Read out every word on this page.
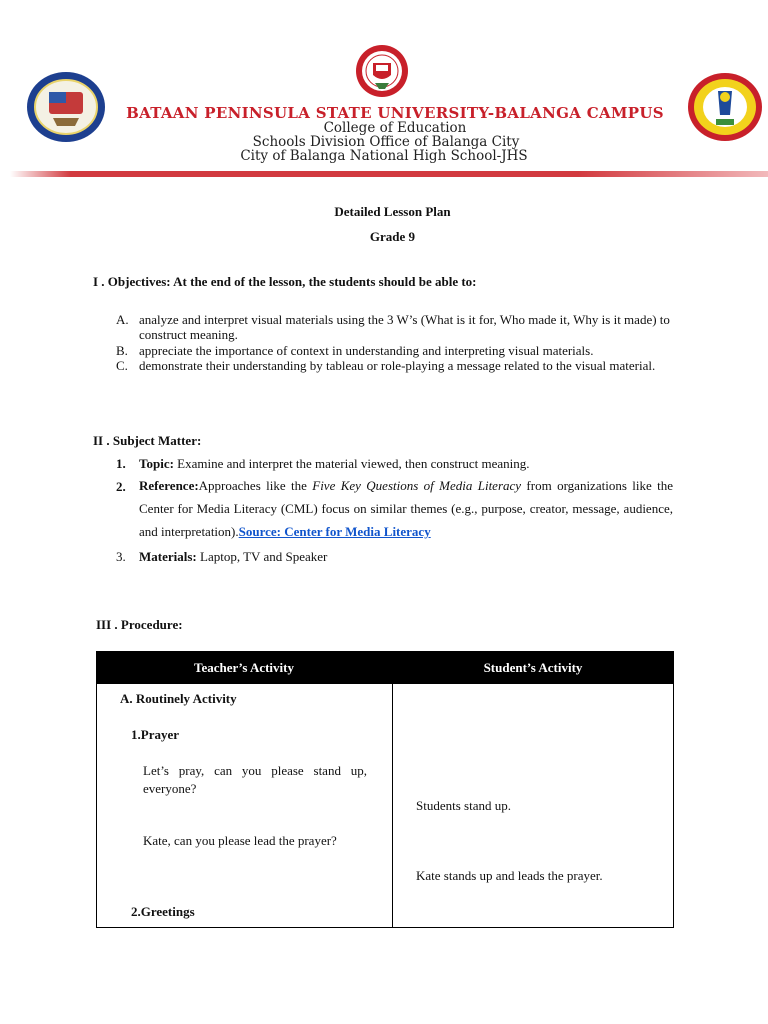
BATAAN PENINSULA STATE UNIVERSITY-BALANGA CAMPUS
College of Education
Schools Division Office of Balanga City
City of Balanga National High School-JHS
Detailed Lesson Plan
Grade 9
I . Objectives: At the end of the lesson, the students should be able to:
A. analyze and interpret visual materials using the 3 W’s (What is it for, Who made it, Why is it made) to construct meaning.
B. appreciate the importance of context in understanding and interpreting visual materials.
C. demonstrate their understanding by tableau or role-playing a message related to the visual material.
II . Subject Matter:
1. Topic: Examine and interpret the material viewed, then construct meaning.
2. Reference:Approaches like the Five Key Questions of Media Literacy from organizations like the Center for Media Literacy (CML) focus on similar themes (e.g., purpose, creator, message, audience, and interpretation).Source: Center for Media Literacy
3. Materials: Laptop, TV and Speaker
III . Procedure:
Teacher’s Activity	Student’s Activity
A. Routinely Activity
1.Prayer
Let’s pray, can you please stand up, everyone?
Kate, can you please lead the prayer?
2.Greetings
Students stand up.
Kate stands up and leads the prayer.
